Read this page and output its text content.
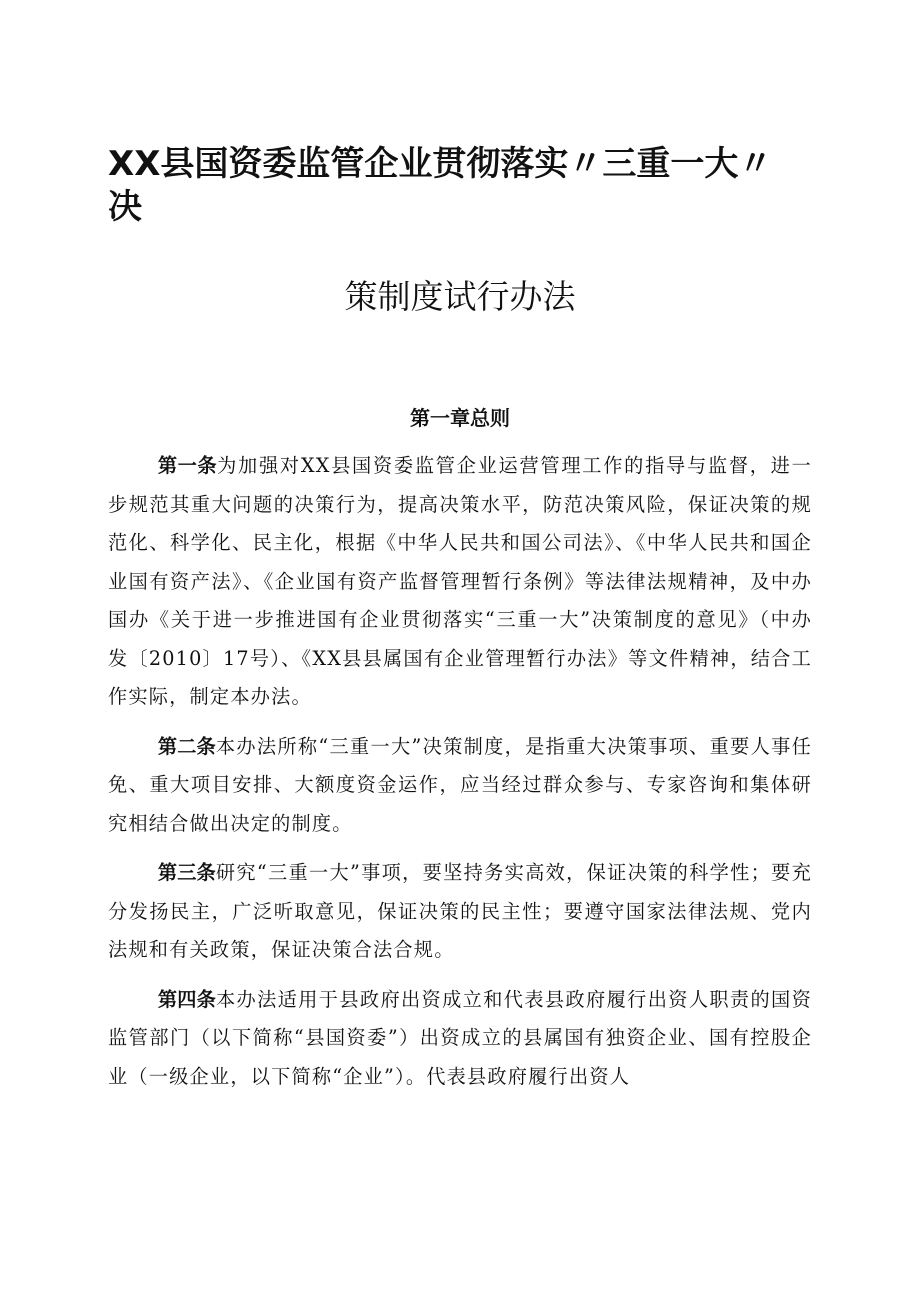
XX县国资委监管企业贯彻落实〃三重一大〃
决
策制度试行办法
第一章总则

第一条为加强对XX县国资委监管企业运营管理工作的指导与监督，进一步规范其重大问题的决策行为，提高决策水平，防范决策风险，保证决策的规范化、科学化、民主化，根据《中华人民共和国公司法》、《中华人民共和国企业国有资产法》、《企业国有资产监督管理暂行条例》等法律法规精神，及中办国办《关于进一步推进国有企业贯彻落实“三重一大”决策制度的意见》（中办发〔2010〕17号）、《XX县县属国有企业管理暂行办法》等文件精神，结合工作实际，制定本办法。

第二条本办法所称“三重一大”决策制度，是指重大决策事项、重要人事任免、重大项目安排、大额度资金运作，应当经过群众参与、专家咨询和集体研究相结合做出决定的制度。

第三条研究“三重一大”事项，要坚持务实高效，保证决策的科学性；要充分发扬民主，广泛听取意见，保证决策的民主性；要遵守国家法律法规、党内法规和有关政策，保证决策合法合规。

第四条本办法适用于县政府出资成立和代表县政府履行出资人职责的国资监管部门（以下简称“县国资委”）出资成立的县属国有独资企业、国有控股企业（一级企业，以下简称“企业”）。代表县政府履行出资人
